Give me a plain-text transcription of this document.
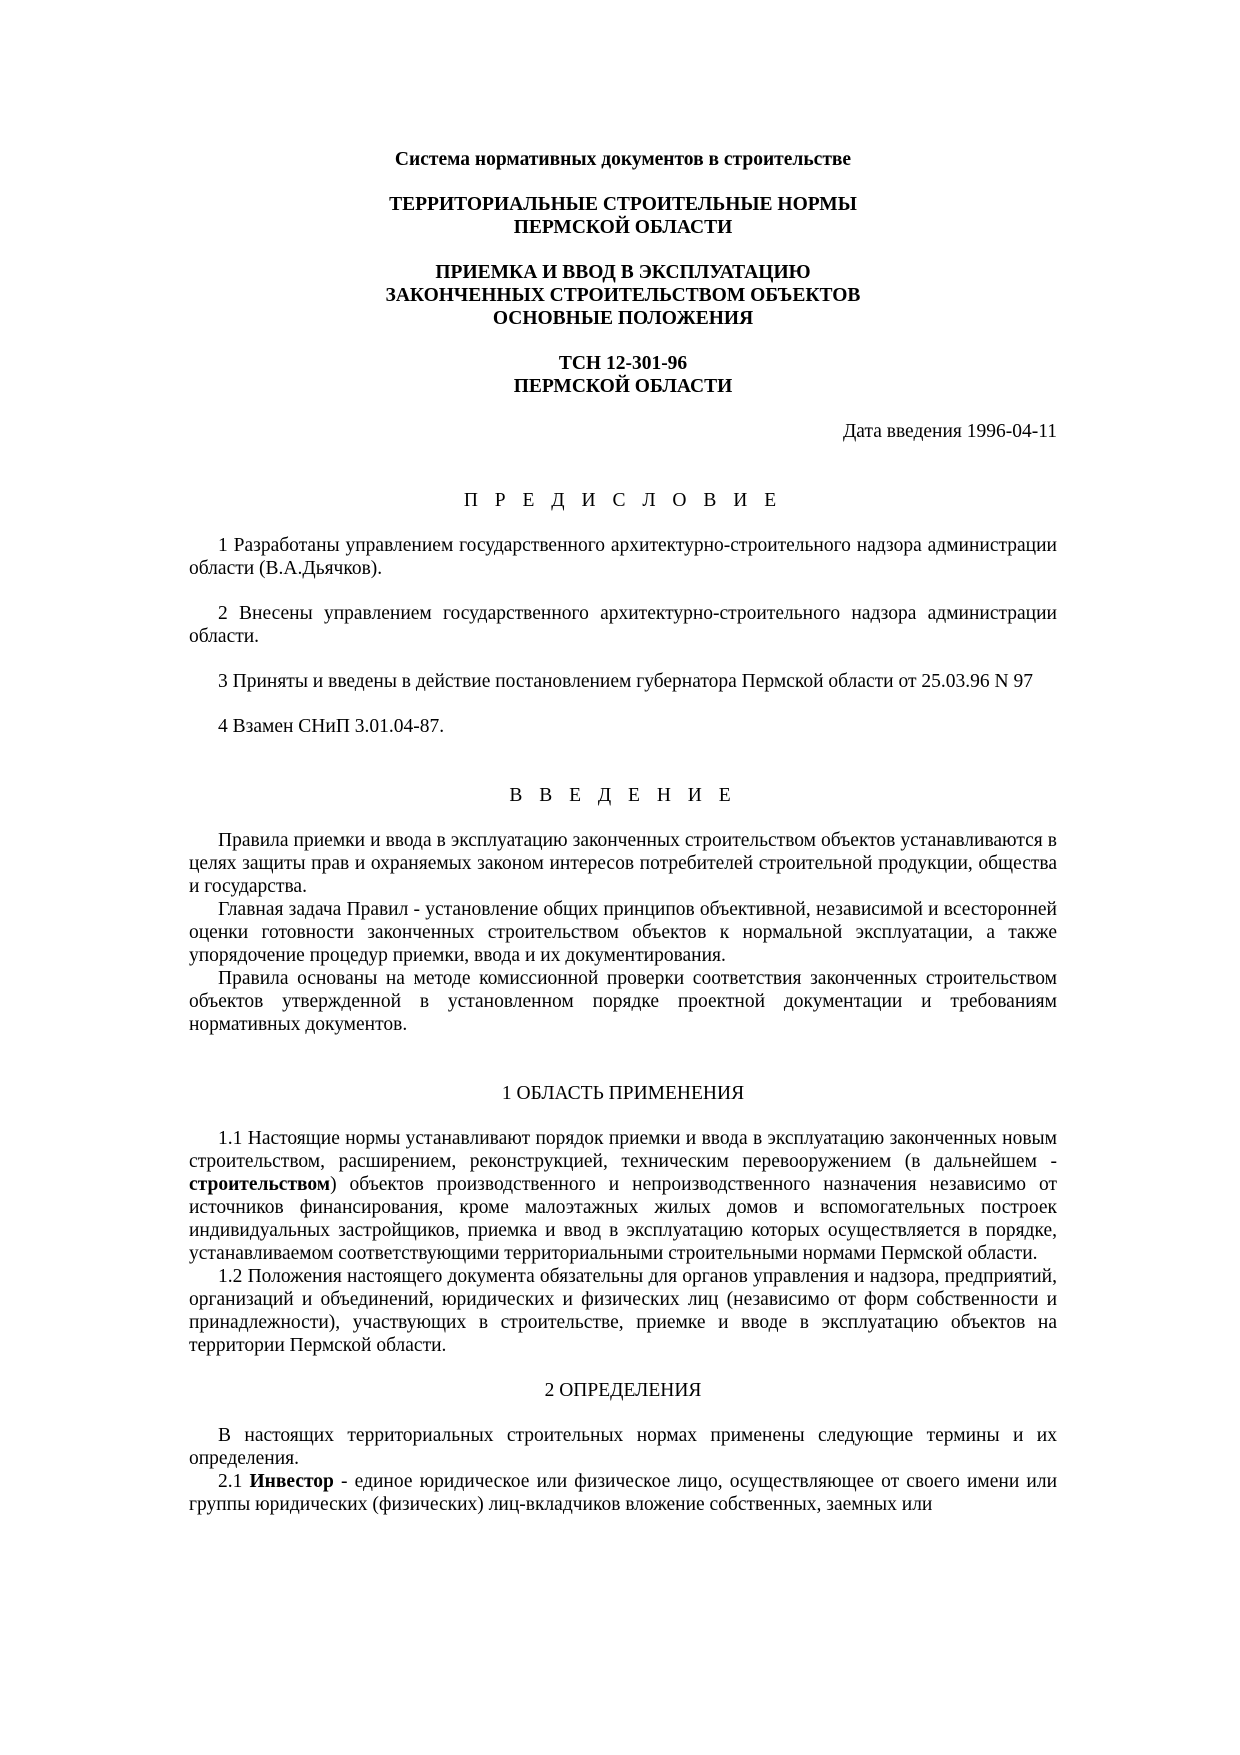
Система нормативных документов в строительстве
ТЕРРИТОРИАЛЬНЫЕ СТРОИТЕЛЬНЫЕ НОРМЫ
ПЕРМСКОЙ ОБЛАСТИ
ПРИЕМКА И ВВОД В ЭКСПЛУАТАЦИЮ
ЗАКОНЧЕННЫХ СТРОИТЕЛЬСТВОМ ОБЪЕКТОВ
ОСНОВНЫЕ ПОЛОЖЕНИЯ
ТСН 12-301-96
ПЕРМСКОЙ ОБЛАСТИ
Дата введения 1996-04-11
П Р Е Д И С Л О В И Е

1 Разработаны управлением государственного архитектурно-строительного надзора администрации области (В.А.Дьячков).

2 Внесены управлением государственного архитектурно-строительного надзора администрации области.

3 Приняты и введены в действие постановлением губернатора Пермской области от 25.03.96 N 97

4 Взамен СНиП 3.01.04-87.

В В Е Д Е Н И Е

Правила приемки и ввода в эксплуатацию законченных строительством объектов устанавливаются в целях защиты прав и охраняемых законом интересов потребителей строительной продукции, общества и государства.

Главная задача Правил - установление общих принципов объективной, независимой и всесторонней оценки готовности законченных строительством объектов к нормальной эксплуатации, а также упорядочение процедур приемки, ввода и их документирования.

Правила основаны на методе комиссионной проверки соответствия законченных строительством объектов утвержденной в установленном порядке проектной документации и требованиям нормативных документов.

1 ОБЛАСТЬ ПРИМЕНЕНИЯ

1.1 Настоящие нормы устанавливают порядок приемки и ввода в эксплуатацию законченных новым строительством, расширением, реконструкцией, техническим перевооружением (в дальнейшем - строительством) объектов производственного и непроизводственного назначения независимо от источников финансирования, кроме малоэтажных жилых домов и вспомогательных построек индивидуальных застройщиков, приемка и ввод в эксплуатацию которых осуществляется в порядке, устанавливаемом соответствующими территориальными строительными нормами Пермской области.

1.2 Положения настоящего документа обязательны для органов управления и надзора, предприятий, организаций и объединений, юридических и физических лиц (независимо от форм собственности и принадлежности), участвующих в строительстве, приемке и вводе в эксплуатацию объектов на территории Пермской области.

2 ОПРЕДЕЛЕНИЯ

В настоящих территориальных строительных нормах применены следующие термины и их определения.

2.1 Инвестор - единое юридическое или физическое лицо, осуществляющее от своего имени или группы юридических (физических) лиц-вкладчиков вложение собственных, заемных или
